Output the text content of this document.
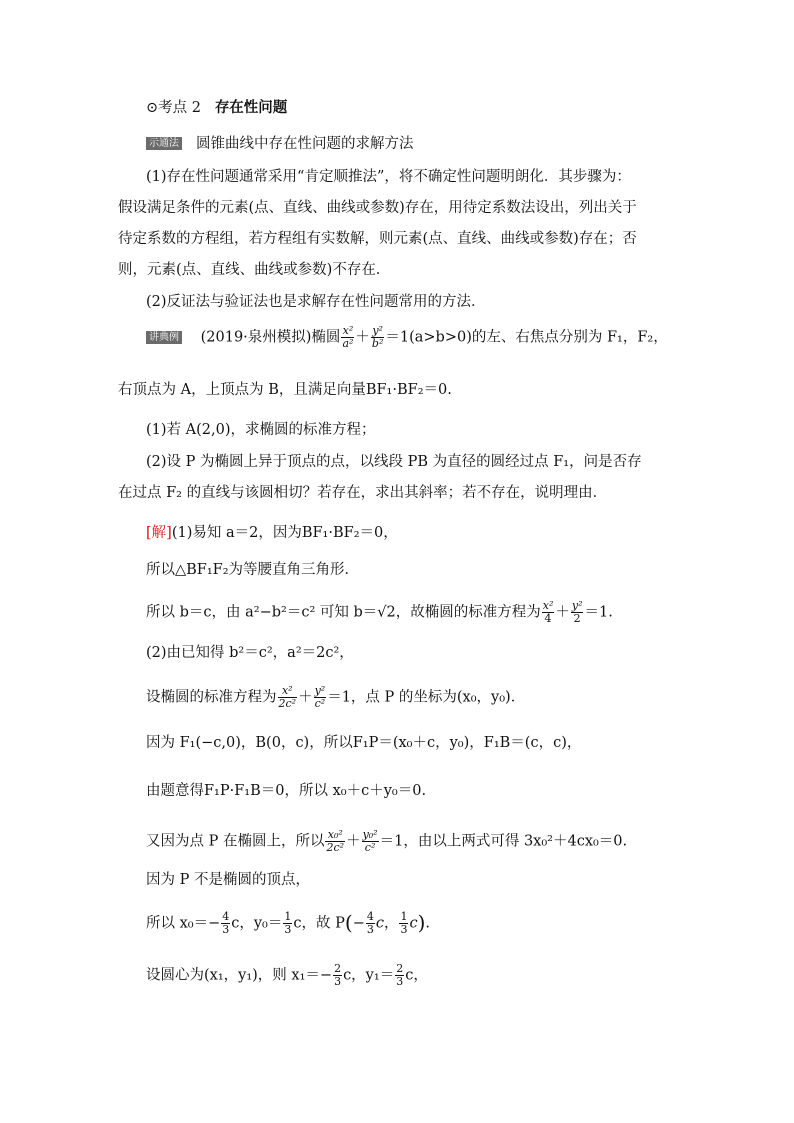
⊙考点 2 存在性问题
示通法 圆锥曲线中存在性问题的求解方法
(1)存在性问题通常采用“肯定顺推法”，将不确定性问题明朗化．其步骤为：
假设满足条件的元素(点、直线、曲线或参数)存在，用待定系数法设出，列出关于
待定系数的方程组，若方程组有实数解，则元素(点、直线、曲线或参数)存在；否
则，元素(点、直线、曲线或参数)不存在．
(2)反证法与验证法也是求解存在性问题常用的方法．
讲典例 (2019·泉州模拟)椭圆 $\frac{\text{x²}}{\text{a²}} + \frac{\text{y²}}{\text{b²}} =1(a>b>0)$的左、右焦点分别为 F₁，F₂，
右顶点为 A，上顶点为 B，且满足向量BF₁·BF₂＝0.
(1)若 A(2,0)，求椭圆的标准方程；
(2)设 P 为椭圆上异于顶点的点，以线段 PB 为直径的圆经过点 F₁，问是否存
在过点 F₂ 的直线与该圆相切？若存在，求出其斜率；若不存在，说明理由．
[解](1)易知 a＝2，因为BF₁·BF₂＝0，
所以△BF₁F₂为等腰直角三角形．
所以 b＝c，由 a²−b²＝c² 可知 b＝√2，故椭圆的标准方程为 $\frac{\text{x²}}{4} + \frac{\text{y²}}{2} =1$.
(2)由已知得 b²＝c²，a²＝2c²，
设椭圆的标准方程为 $\frac{\text{x²}}{\text{2c²}} + \frac{\text{y²}}{\text{c²}} =1$，点 P 的坐标为(x₀，y₀)．
因为 F₁(−c,0)，B(0，c)，所以F₁P＝(x₀＋c，y₀)，F₁B＝(c，c)，
由题意得F₁P·F₁B＝0，所以 x₀＋c＋y₀＝0.
又因为点 P 在椭圆上，所以 $\frac{\text{x₀²}}{\text{2c²}} + \frac{\text{y₀²}}{\text{c²}} =1$，由以上两式可得 3x₀²＋4cx₀＝0.
因为 P 不是椭圆的顶点，
所以 $x_0=- \frac{4}{3}$ c，$y_0= \frac{1}{3}$ c，故 $P(- \frac{4}{3}$ c， $\frac{1}{3} c$).
设圆心为(x₁，y₁)，则 $x_1=- \frac{2}{3}$ c，$y_1= \frac{2}{3}$ c，
